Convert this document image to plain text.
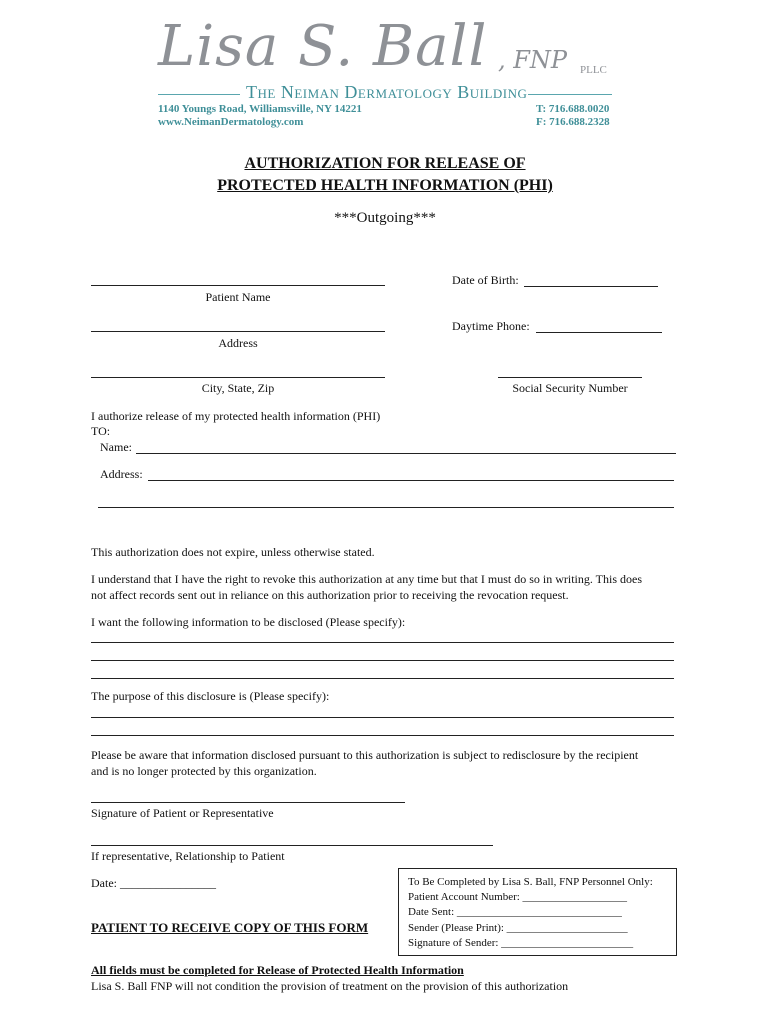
Lisa S. Ball , FNP PLLC
The Neiman Dermatology Building
1140 Youngs Road, Williamsville, NY 14221
www.NeimanDermatology.com
T: 716.688.0020
F: 716.688.2328
AUTHORIZATION FOR RELEASE OF
PROTECTED HEALTH INFORMATION (PHI)
***Outgoing***
Patient Name
Date of Birth:
Address
Daytime Phone:
City, State, Zip	Social Security Number
I authorize release of my protected health information (PHI)
TO:
Name:
Address:
This authorization does not expire, unless otherwise stated.
I understand that I have the right to revoke this authorization at any time but that I must do so in writing. This does
not affect records sent out in reliance on this authorization prior to receiving the revocation request.
I want the following information to be disclosed (Please specify):
The purpose of this disclosure is (Please specify):
Please be aware that information disclosed pursuant to this authorization is subject to redisclosure by the recipient
and is no longer protected by this organization.
Signature of Patient or Representative
If representative, Relationship to Patient
Date: ________________
PATIENT TO RECEIVE COPY OF THIS FORM
To Be Completed by Lisa S. Ball, FNP Personnel Only:
Patient Account Number: ___________________
Date Sent: ______________________________
Sender (Please Print): ______________________
Signature of Sender: ________________________
All fields must be completed for Release of Protected Health Information
Lisa S. Ball FNP will not condition the provision of treatment on the provision of this authorization
